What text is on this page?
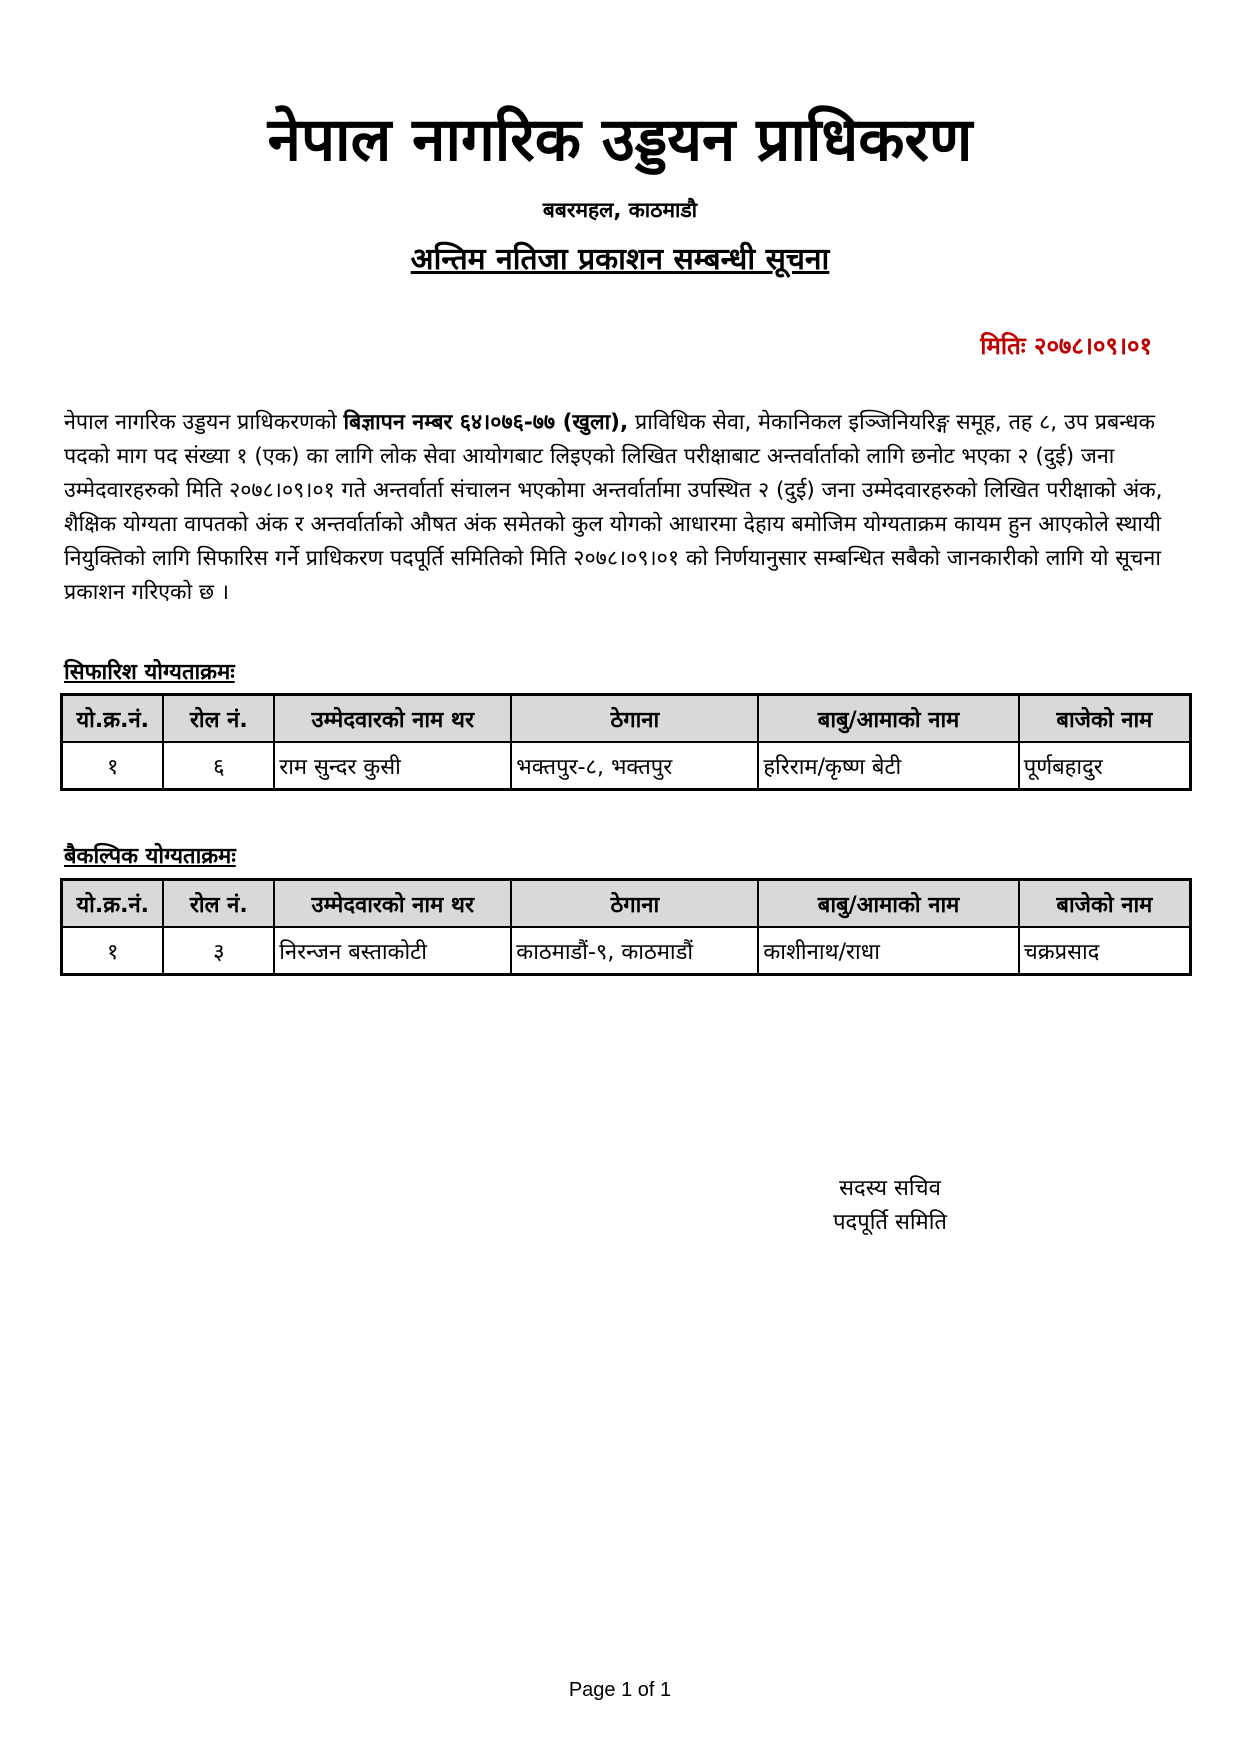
नेपाल नागरिक उड्डयन प्राधिकरण
बबरमहल, काठमाडौ
अन्तिम नतिजा प्रकाशन सम्बन्धी सूचना
मितिः २०७८।०९।०१
नेपाल नागरिक उड्डयन प्राधिकरणको बिज्ञापन नम्बर ६४।०७६-७७ (खुला), प्राविधिक सेवा, मेकानिकल इञ्जिनियरिङ्ग समूह, तह ८, उप प्रबन्धक पदको माग पद संख्या १ (एक) का लागि लोक सेवा आयोगबाट लिइएको लिखित परीक्षाबाट अन्तर्वार्ताको लागि छनोट भएका २ (दुई) जना उम्मेदवारहरुको मिति २०७८।०९।०१ गते अन्तर्वार्ता संचालन भएकोमा अन्तर्वार्तामा उपस्थित २ (दुई) जना उम्मेदवारहरुको लिखित परीक्षाको अंक, शैक्षिक योग्यता वापतको अंक र अन्तर्वार्ताको औषत अंक समेतको कुल योगको आधारमा देहाय बमोजिम योग्यताक्रम कायम हुन आएकोले स्थायी नियुक्तिको लागि सिफारिस गर्ने प्राधिकरण पदपूर्ति समितिको मिति २०७८।०९।०१ को निर्णयानुसार सम्बन्धित सबैको जानकारीको लागि यो सूचना प्रकाशन गरिएको छ ।
सिफारिश योग्यताक्रमः
यो.क्र.नं.	रोल नं.	उम्मेदवारको नाम थर	ठेगाना	बाबु/आमाको नाम	बाजेको नाम
१	६	राम सुन्दर कुसी	भक्तपुर-८, भक्तपुर	हरिराम/कृष्ण बेटी	पूर्णबहादुर
बैकल्पिक योग्यताक्रमः
यो.क्र.नं.	रोल नं.	उम्मेदवारको नाम थर	ठेगाना	बाबु/आमाको नाम	बाजेको नाम
१	३	निरन्जन बस्ताकोटी	काठमाडौं-९, काठमाडौं	काशीनाथ/राधा	चक्रप्रसाद
सदस्य सचिव
पदपूर्ति समिति
Page 1 of 1
